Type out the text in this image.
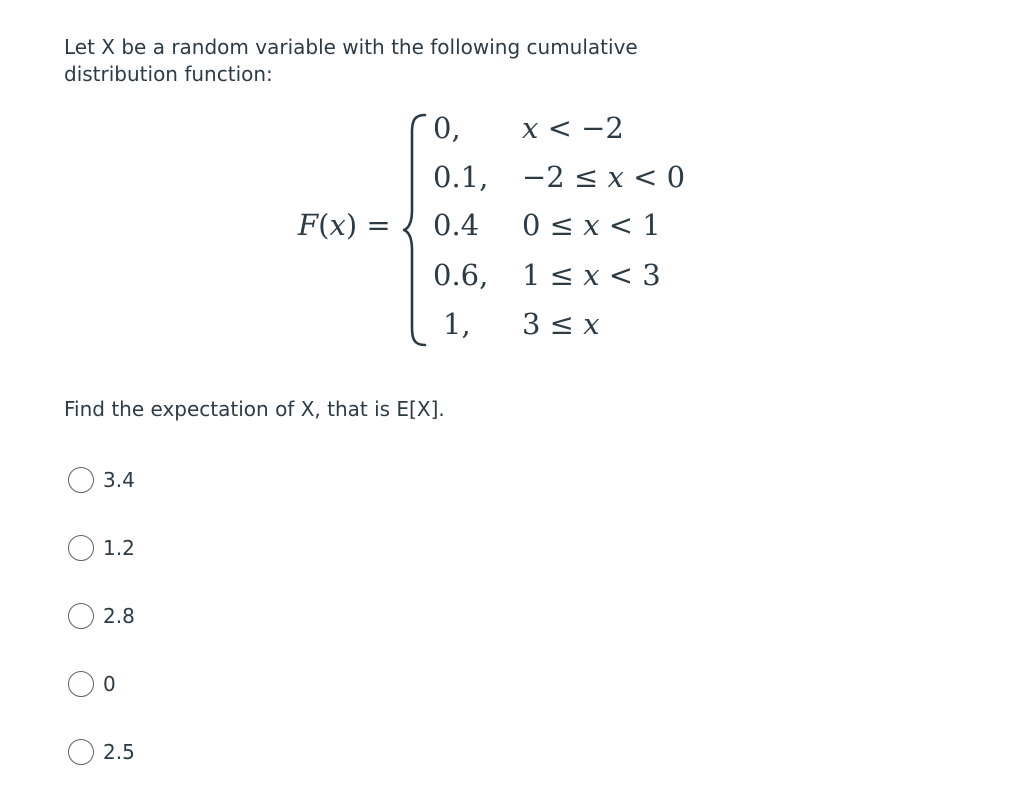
Let X be a random variable with the following cumulative distribution function:
F(x) =
0, x < −2
0.1, −2 ≤ x < 0
0.4 0 ≤ x < 1
0.6, 1 ≤ x < 3
1, 3 ≤ x
Find the expectation of X, that is E[X].
3.4
1.2
2.8
0
2.5
